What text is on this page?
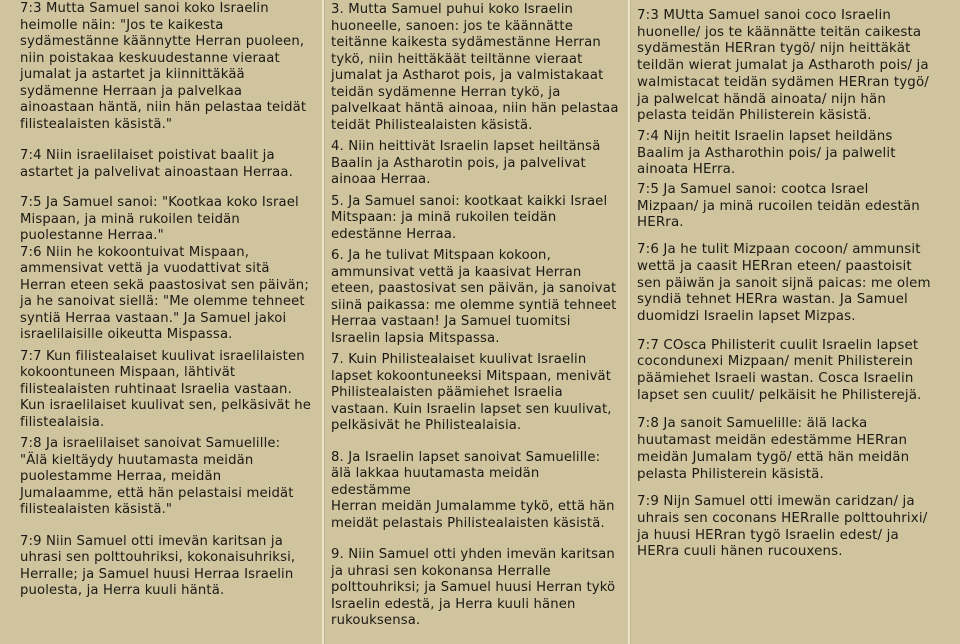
7:3 Mutta Samuel sanoi koko Israelin
heimolle näin: "Jos te kaikesta
sydämestänne käännytte Herran puoleen,
niin poistakaa keskuudestanne vieraat
jumalat ja astartet ja kiinnittäkää
sydämenne Herraan ja palvelkaa
ainoastaan häntä, niin hän pelastaa teidät
filistealaisten käsistä."

7:4 Niin israelilaiset poistivat baalit ja
astartet ja palvelivat ainoastaan Herraa.

7:5 Ja Samuel sanoi: "Kootkaa koko Israel
Mispaan, ja minä rukoilen teidän
puolestanne Herraa."

7:6 Niin he kokoontuivat Mispaan,
ammensivat vettä ja vuodattivat sitä
Herran eteen sekä paastosivat sen päivän;
ja he sanoivat siellä: "Me olemme tehneet
syntiä Herraa vastaan." Ja Samuel jakoi
israelilaisille oikeutta Mispassa.

7:7 Kun filistealaiset kuulivat israelilaisten
kokoontuneen Mispaan, lähtivät
filistealaisten ruhtinaat Israelia vastaan.
Kun israelilaiset kuulivat sen, pelkäsivät he
filistealaisia.

7:8 Ja israelilaiset sanoivat Samuelille:
"Älä kieltäydy huutamasta meidän
puolestamme Herraa, meidän
Jumalaamme, että hän pelastaisi meidät
filistealaisten käsistä."

7:9 Niin Samuel otti imevän karitsan ja
uhrasi sen polttouhriksi, kokonaisuhriksi,
Herralle; ja Samuel huusi Herraa Israelin
puolesta, ja Herra kuuli häntä.

3. Mutta Samuel puhui koko Israelin
huoneelle, sanoen: jos te käännätte
teitänne kaikesta sydämestänne Herran
tykö, niin heittäkäät teiltänne vieraat
jumalat ja Astharot pois, ja valmistakaat
teidän sydämenne Herran tykö, ja
palvelkaat häntä ainoaa, niin hän pelastaa
teidät Philistealaisten käsistä.

4. Niin heittivät Israelin lapset heiltänsä
Baalin ja Astharotin pois, ja palvelivat
ainoaa Herraa.

5. Ja Samuel sanoi: kootkaat kaikki Israel
Mitspaan: ja minä rukoilen teidän
edestänne Herraa.

6. Ja he tulivat Mitspaan kokoon,
ammunsivat vettä ja kaasivat Herran
eteen, paastosivat sen päivän, ja sanoivat
siinä paikassa: me olemme syntiä tehneet
Herraa vastaan! Ja Samuel tuomitsi
Israelin lapsia Mitspassa.

7. Kuin Philistealaiset kuulivat Israelin
lapset kokoontuneeksi Mitspaan, menivät
Philistealaisten päämiehet Israelia
vastaan. Kuin Israelin lapset sen kuulivat,
pelkäsivät he Philistealaisia.

8. Ja Israelin lapset sanoivat Samuelille:
älä lakkaa huutamasta meidän edestämme
Herran meidän Jumalamme tykö, että hän
meidät pelastais Philistealaisten käsistä.

9. Niin Samuel otti yhden imevän karitsan
ja uhrasi sen kokonansa Herralle
polttouhriksi; ja Samuel huusi Herran tykö
Israelin edestä, ja Herra kuuli hänen
rukouksensa.

7:3 MUtta Samuel sanoi coco Israelin
huonelle/ jos te käännätte teitän caikesta
sydämestän HERran tygö/ nijn heittäkät
teildän wierat jumalat ja Astharoth pois/ ja
walmistacat teidän sydämen HERran tygö/
ja palwelcat händä ainoata/ nijn hän
pelasta teidän Philisterein käsistä.

7:4 Nijn heitit Israelin lapset heildäns
Baalim ja Astharothin pois/ ja palwelit
ainoata HErra.

7:5 Ja Samuel sanoi: cootca Israel
Mizpaan/ ja minä rucoilen teidän edestän
HERra.

7:6 Ja he tulit Mizpaan cocoon/ ammunsit
wettä ja caasit HERran eteen/ paastoisit
sen päiwän ja sanoit sijnä paicas: me olem
syndiä tehnet HERra wastan. Ja Samuel
duomidzi Israelin lapset Mizpas.

7:7 COsca Philisterit cuulit Israelin lapset
cocondunexi Mizpaan/ menit Philisterein
päämiehet Israeli wastan. Cosca Israelin
lapset sen cuulit/ pelkäisit he Philisterejä.

7:8 Ja sanoit Samuelille: älä lacka
huutamast meidän edestämme HERran
meidän Jumalam tygö/ että hän meidän
pelasta Philisterein käsistä.

7:9 Nijn Samuel otti imewän caridzan/ ja
uhrais sen coconans HERralle polttouhrixi/
ja huusi HERran tygö Israelin edest/ ja
HERra cuuli hänen rucouxens.
